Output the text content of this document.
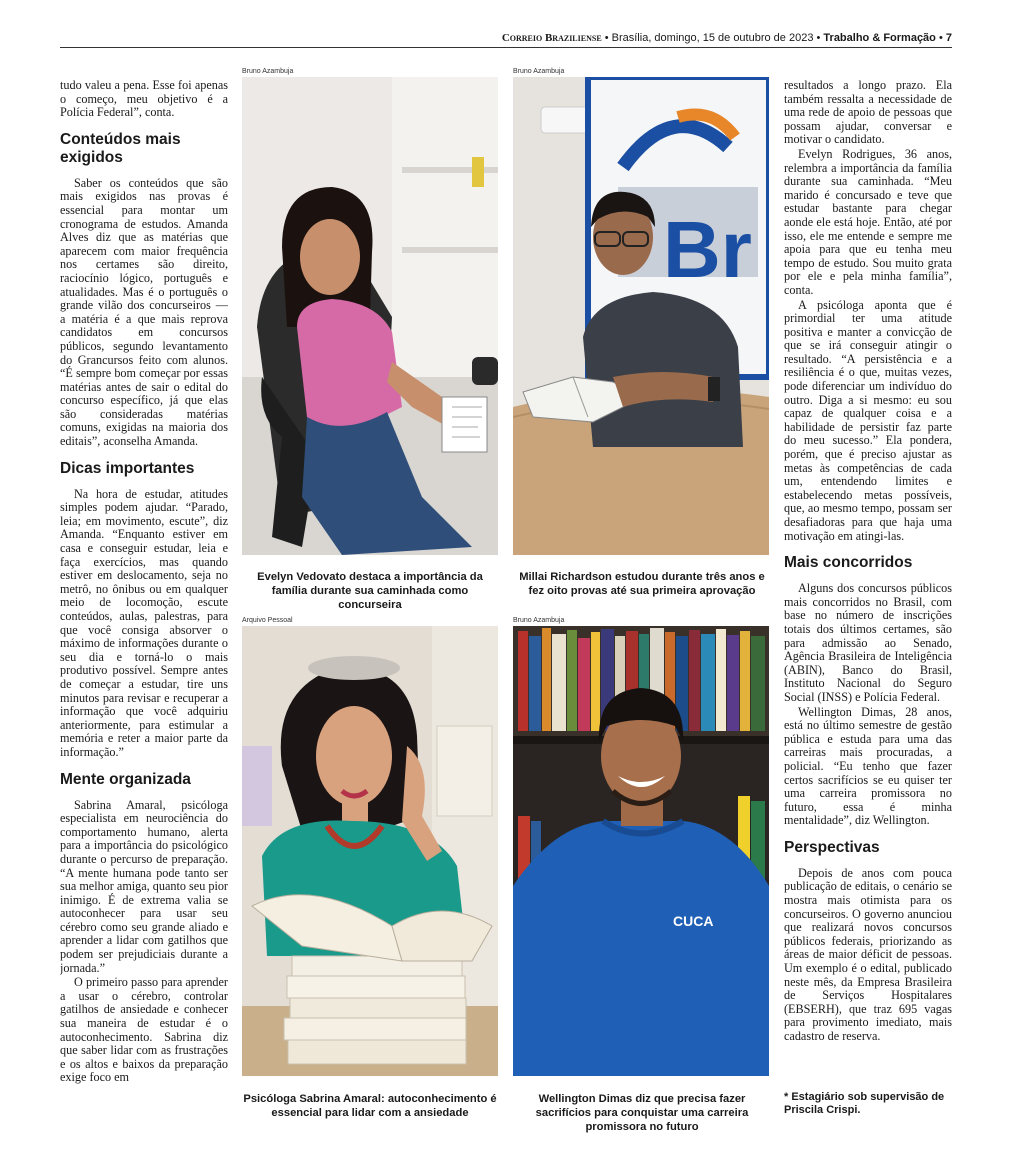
Correio Braziliense • Brasília, domingo, 15 de outubro de 2023 • Trabalho & Formação • 7

tudo valeu a pena. Esse foi apenas o começo, meu objetivo é a Polícia Federal”, conta.

Conteúdos mais exigidos

Saber os conteúdos que são mais exigidos nas provas é essencial para montar um cronograma de estudos. Amanda Alves diz que as matérias que aparecem com maior frequência nos certames são direito, raciocínio lógico, português e atualidades. Mas é o português o grande vilão dos concurseiros — a matéria é a que mais reprova candidatos em concursos públicos, segundo levantamento do Grancursos feito com alunos. “É sempre bom começar por essas matérias antes de sair o edital do concurso específico, já que elas são consideradas matérias comuns, exigidas na maioria dos editais”, aconselha Amanda.

Dicas importantes

Na hora de estudar, atitudes simples podem ajudar. “Parado, leia; em movimento, escute”, diz Amanda. “Enquanto estiver em casa e conseguir estudar, leia e faça exercícios, mas quando estiver em deslocamento, seja no metrô, no ônibus ou em qualquer meio de locomoção, escute conteúdos, aulas, palestras, para que você consiga absorver o máximo de informações durante o seu dia e torná-lo o mais produtivo possível. Sempre antes de começar a estudar, tire uns minutos para revisar e recuperar a informação que você adquiriu anteriormente, para estimular a memória e reter a maior parte da informação.”

Mente organizada

Sabrina Amaral, psicóloga especialista em neurociência do comportamento humano, alerta para a importância do psicológico durante o percurso de preparação. “A mente humana pode tanto ser sua melhor amiga, quanto seu pior inimigo. É de extrema valia se autoconhecer para usar seu cérebro como seu grande aliado e aprender a lidar com gatilhos que podem ser prejudiciais durante a jornada.”

O primeiro passo para aprender a usar o cérebro, controlar gatilhos de ansiedade e conhecer sua maneira de estudar é o autoconhecimento. Sabrina diz que saber lidar com as frustrações e os altos e baixos da preparação exige foco em

resultados a longo prazo. Ela também ressalta a necessidade de uma rede de apoio de pessoas que possam ajudar, conversar e motivar o candidato.

Evelyn Rodrigues, 36 anos, relembra a importância da família durante sua caminhada. “Meu marido é concursado e teve que estudar bastante para chegar aonde ele está hoje. Então, até por isso, ele me entende e sempre me apoia para que eu tenha meu tempo de estudo. Sou muito grata por ele e pela minha família”, conta.

A psicóloga aponta que é primordial ter uma atitude positiva e manter a convicção de que se irá conseguir atingir o resultado. “A persistência e a resiliência é o que, muitas vezes, pode diferenciar um indivíduo do outro. Diga a si mesmo: eu sou capaz de qualquer coisa e a habilidade de persistir faz parte do meu sucesso.” Ela pondera, porém, que é preciso ajustar as metas às competências de cada um, entendendo limites e estabelecendo metas possíveis, que, ao mesmo tempo, possam ser desafiadoras para que haja uma motivação em atingi-las.

Mais concorridos

Alguns dos concursos públicos mais concorridos no Brasil, com base no número de inscrições totais dos últimos certames, são para admissão ao Senado, Agência Brasileira de Inteligência (ABIN), Banco do Brasil, Instituto Nacional do Seguro Social (INSS) e Polícia Federal.

Wellington Dimas, 28 anos, está no último semestre de gestão pública e estuda para uma das carreiras mais procuradas, a policial. “Eu tenho que fazer certos sacrifícios se eu quiser ter uma carreira promissora no futuro, essa é minha mentalidade”, diz Wellington.

Perspectivas

Depois de anos com pouca publicação de editais, o cenário se mostra mais otimista para os concurseiros. O governo anunciou que realizará novos concursos públicos federais, priorizando as áreas de maior déficit de pessoas. Um exemplo é o edital, publicado neste mês, da Empresa Brasileira de Serviços Hospitalares (EBSERH), que traz 695 vagas para provimento imediato, mais cadastro de reserva.

Bruno Azambuja
Evelyn Vedovato destaca a importância da família durante sua caminhada como concurseira
Bruno Azambuja
Br
Millai Richardson estudou durante três anos e fez oito provas até sua primeira aprovação
Arquivo Pessoal
Psicóloga Sabrina Amaral: autoconhecimento é essencial para lidar com a ansiedade
Bruno Azambuja
CUCA
Wellington Dimas diz que precisa fazer sacrifícios para conquistar uma carreira promissora no futuro
* Estagiário sob supervisão de Priscila Crispi.
